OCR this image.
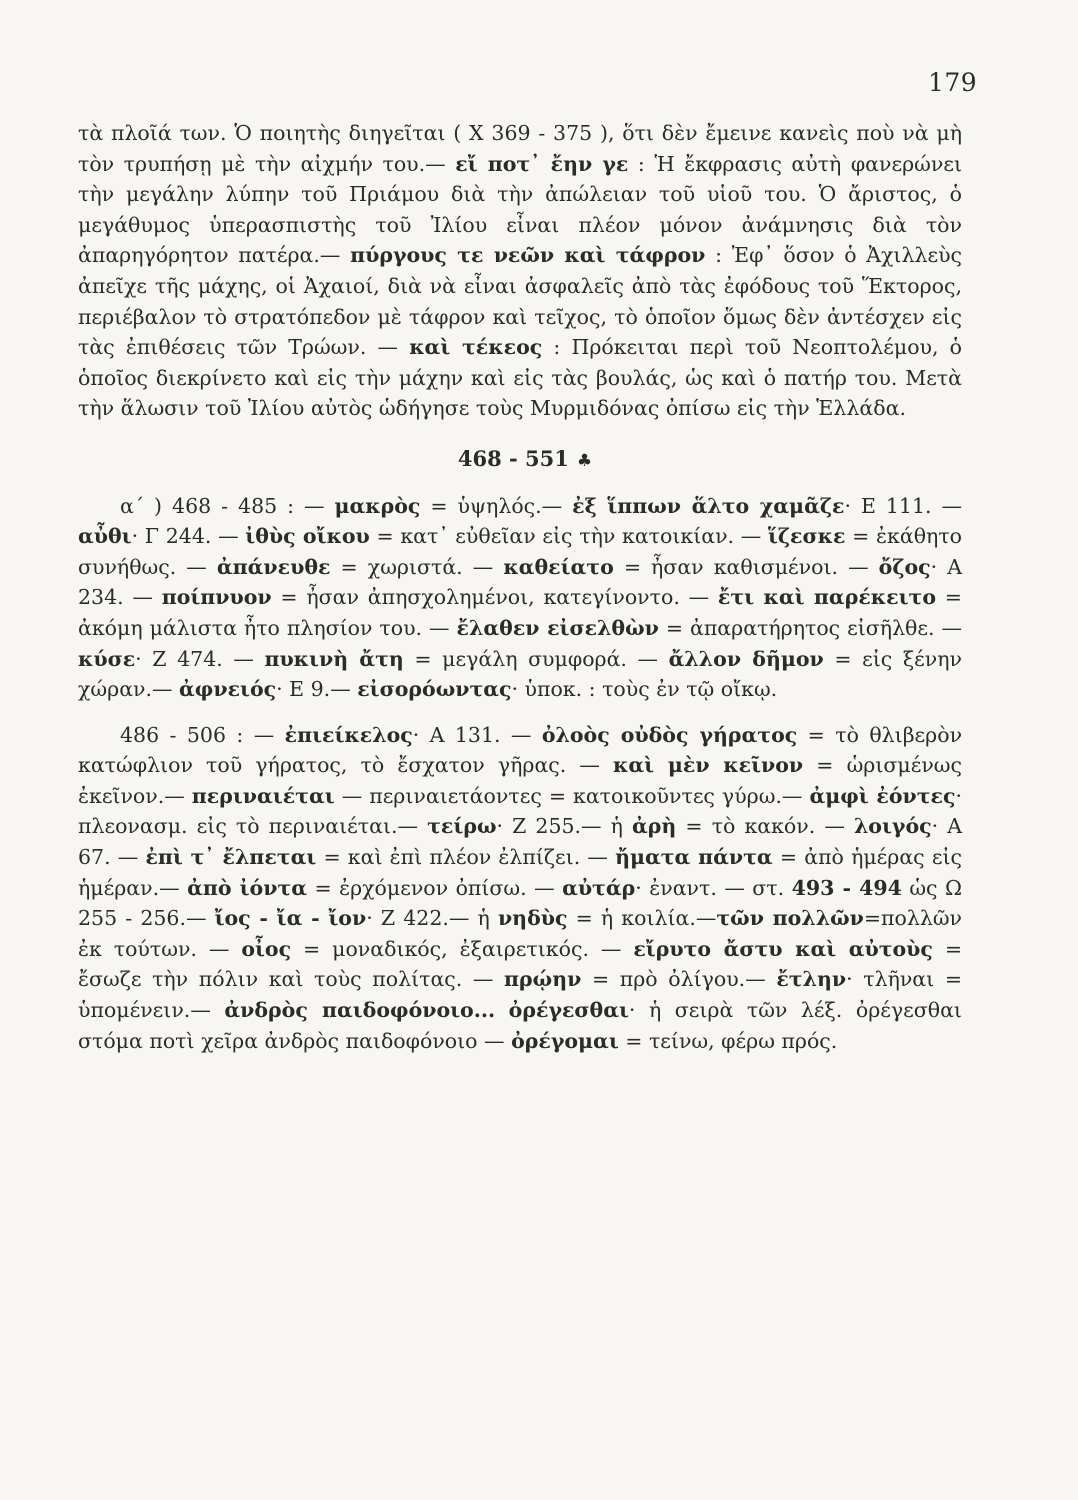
179

τὰ πλοῖά των. Ὁ ποιητὴς διηγεῖται ( Χ 369 - 375 ), ὅτι δὲν ἔμεινε κανεὶς ποὺ νὰ μὴ τὸν τρυπήσῃ μὲ τὴν αἰχμήν του.— εἴ ποτ᾽ ἔην γε : Ἡ ἔκφρασις αὐτὴ φανερώνει τὴν μεγάλην λύπην τοῦ Πριάμου διὰ τὴν ἀπώλειαν τοῦ υἱοῦ του. Ὁ ἄριστος, ὁ μεγάθυμος ὑπερασπιστὴς τοῦ Ἰλίου εἶναι πλέον μόνον ἀνάμνησις διὰ τὸν ἀπαρηγόρητον πατέρα.— πύργους τε νεῶν καὶ τάφρον : Ἐφ᾽ ὅσον ὁ Ἀχιλλεὺς ἀπεῖχε τῆς μάχης, οἱ Ἀχαιοί, διὰ νὰ εἶναι ἀσφαλεῖς ἀπὸ τὰς ἐφόδους τοῦ Ἕκτορος, περιέβαλον τὸ στρατόπεδον μὲ τάφρον καὶ τεῖχος, τὸ ὁποῖον ὅμως δὲν ἀντέσχεν εἰς τὰς ἐπιθέσεις τῶν Τρώων. — καὶ τέκεος : Πρόκειται περὶ τοῦ Νεοπτολέμου, ὁ ὁποῖος διεκρίνετο καὶ εἰς τὴν μάχην καὶ εἰς τὰς βουλάς, ὡς καὶ ὁ πατήρ του. Μετὰ τὴν ἅλωσιν τοῦ Ἰλίου αὐτὸς ὡδήγησε τοὺς Μυρμιδόνας ὀπίσω εἰς τὴν Ἑλλάδα.

468 - 551 ♣

α΄ ) 468 - 485 : — μακρὸς = ὑψηλός.— ἐξ ἵππων ἅλτο χαμᾶζε· Ε 111. — αὖθι· Γ 244. — ἰθὺς οἴκου = κατ᾽ εὐθεῖαν εἰς τὴν κατοικίαν. — ἵζεσκε = ἐκάθητο συνήθως. — ἀπάνευθε = χωριστά. — καθείατο = ἦσαν καθισμένοι. — ὄζος· Α 234. — ποίπνυον = ἦσαν ἀπησχολημένοι, κατεγίνοντο. — ἔτι καὶ παρέκειτο = ἀκόμη μάλιστα ἦτο πλησίον του. — ἔλαθεν εἰσελθὼν = ἀπαρατήρητος εἰσῆλθε. — κύσε· Ζ 474. — πυκινὴ ἄτη = μεγάλη συμφορά. — ἄλλον δῆμον = εἰς ξένην χώραν.— ἀφνειός· Ε 9.— εἰσορόωντας· ὑποκ. : τοὺς ἐν τῷ οἴκῳ.

486 - 506 : — ἐπιείκελος· Α 131. — ὀλοὸς οὐδὸς γήρατος = τὸ θλιβερὸν κατώφλιον τοῦ γήρατος, τὸ ἔσχατον γῆρας. — καὶ μὲν κεῖνον = ὡρισμένως ἐκεῖνον.— περιναιέται — περιναιετάοντες = κατοικοῦντες γύρω.— ἀμφὶ ἐόντες· πλεονασμ. εἰς τὸ περιναιέται.— τείρω· Ζ 255.— ἡ ἀρὴ = τὸ κακόν. — λοιγός· Α 67. — ἐπὶ τ᾽ ἔλπεται = καὶ ἐπὶ πλέον ἐλπίζει. — ἤματα πάντα = ἀπὸ ἡμέρας εἰς ἡμέραν.— ἀπὸ ἰόντα = ἐρχόμενον ὀπίσω. — αὐτάρ· ἐναντ. — στ. 493 - 494 ὡς Ω 255 - 256.— ἴος - ἴα - ἴον· Ζ 422.— ἡ νηδὺς = ἡ κοιλία.—τῶν πολλῶν=πολλῶν ἐκ τούτων. — οἶος = μοναδικός, ἐξαιρετικός. — εἴρυτο ἄστυ καὶ αὐτοὺς = ἔσωζε τὴν πόλιν καὶ τοὺς πολίτας. — πρῴην = πρὸ ὀλίγου.— ἔτλην· τλῆναι = ὑπομένειν.— ἀνδρὸς παιδοφόνοιο... ὀρέγεσθαι· ἡ σειρὰ τῶν λέξ. ὀρέγεσθαι στόμα ποτὶ χεῖρα ἀνδρὸς παιδοφόνοιο — ὀρέγομαι = τείνω, φέρω πρός.
